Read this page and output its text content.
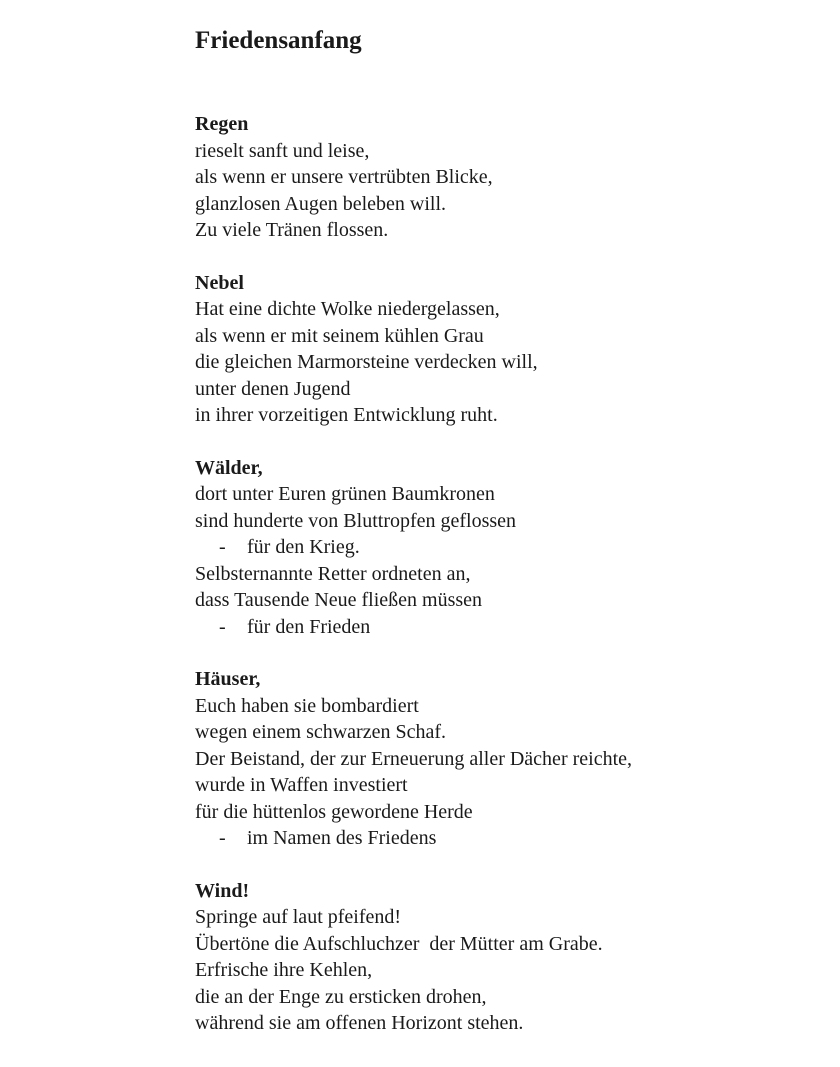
Friedensanfang
Regen
rieselt sanft und leise,
als wenn er unsere vertrübten Blicke,
glanzlosen Augen beleben will.
Zu viele Tränen flossen.
Nebel
Hat eine dichte Wolke niedergelassen,
als wenn er mit seinem kühlen Grau
die gleichen Marmorsteine verdecken will,
unter denen Jugend
in ihrer vorzeitigen Entwicklung ruht.
Wälder,
dort unter Euren grünen Baumkronen
sind hunderte von Bluttropfen geflossen
- für den Krieg.
Selbsternannte Retter ordneten an,
dass Tausende Neue fließen müssen
- für den Frieden
Häuser,
Euch haben sie bombardiert
wegen einem schwarzen Schaf.
Der Beistand, der zur Erneuerung aller Dächer reichte,
wurde in Waffen investiert
für die hüttenlos gewordene Herde
- im Namen des Friedens
Wind!
Springe auf laut pfeifend!
Übertöne die Aufschluchzer  der Mütter am Grabe.
Erfrische ihre Kehlen,
die an der Enge zu ersticken drohen,
während sie am offenen Horizont stehen.
